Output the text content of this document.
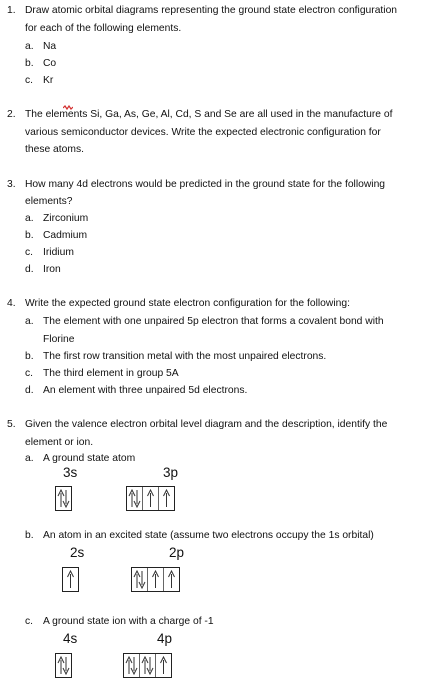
1. Draw atomic orbital diagrams representing the ground state electron configuration
for each of the following elements.
a. Na
b. Co
c. Kr
2. The elements Si, Ga, As, Ge, Al, Cd, S and Se are all used in the manufacture of
various semiconductor devices. Write the expected electronic configuration for
these atoms.
3. How many 4d electrons would be predicted in the ground state for the following
elements?
a. Zirconium
b. Cadmium
c. Iridium
d. Iron
4. Write the expected ground state electron configuration for the following:
a. The element with one unpaired 5p electron that forms a covalent bond with
Florine
b. The first row transition metal with the most unpaired electrons.
c. The third element in group 5A
d. An element with three unpaired 5d electrons.
5. Given the valence electron orbital level diagram and the description, identify the
element or ion.
a. A ground state atom
3s	3p
b. An atom in an excited state (assume two electrons occupy the 1s orbital)
2s	2p
c. A ground state ion with a charge of -1
4s	4p
